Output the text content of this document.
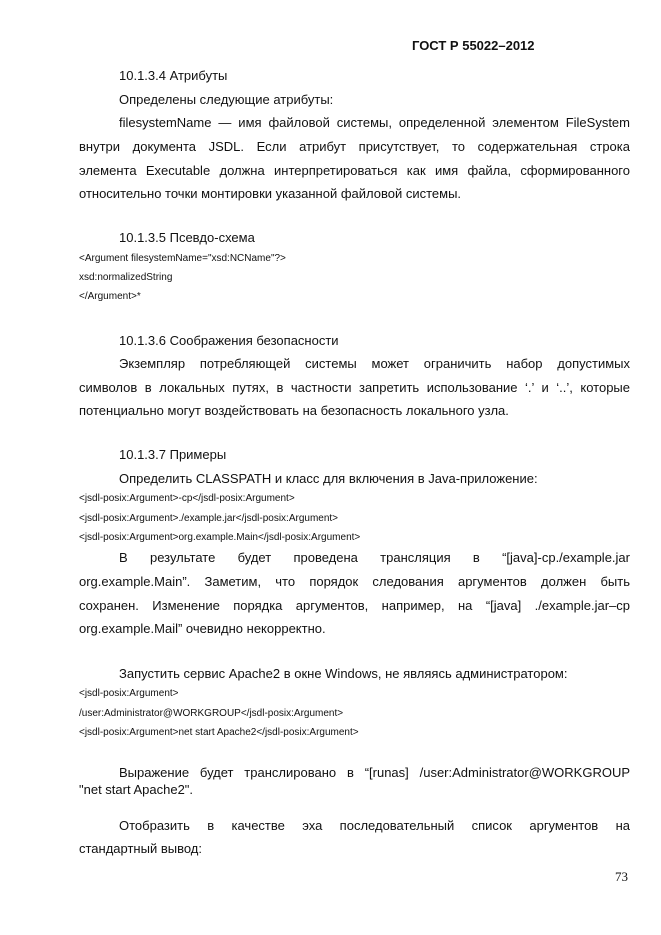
ГОСТ Р 55022–2012
10.1.3.4 Атрибуты
Определены следующие атрибуты:
filesystemName — имя файловой системы, определенной элементом FileSystem
внутри документа JSDL. Если атрибут присутствует, то содержательная строка
элемента Executable должна интерпретироваться как имя файла, сформированного
относительно точки монтировки указанной файловой системы.
10.1.3.5 Псевдо-схема
<Argument filesystemName="xsd:NCName"?>
xsd:normalizedString
</Argument>*
10.1.3.6 Соображения безопасности
Экземпляр потребляющей системы может ограничить набор допустимых
символов в локальных путях, в частности запретить использование ‘.’ и ‘..’, которые
потенциально могут воздействовать на безопасность локального узла.
10.1.3.7 Примеры
Определить CLASSPATH и класс для включения в Java-приложение:
<jsdl-posix:Argument>-cp</jsdl-posix:Argument>
<jsdl-posix:Argument>./example.jar</jsdl-posix:Argument>
<jsdl-posix:Argument>org.example.Main</jsdl-posix:Argument>
В результате будет проведена трансляция в “[java]-cp./example.jar
org.example.Main”. Заметим, что порядок следования аргументов должен быть
сохранен. Изменение порядка аргументов, например, на “[java] ./example.jar–cp
org.example.Mail” очевидно некорректно.
Запустить сервис Apache2 в окне Windows, не являясь администратором:
<jsdl-posix:Argument>
/user:Administrator@WORKGROUP</jsdl-posix:Argument>
<jsdl-posix:Argument>net start Apache2</jsdl-posix:Argument>
Выражение будет транслировано в “[runas] /user:Administrator@WORKGROUP
"net start Apache2".
Отобразить в качестве эха последовательный список аргументов на
стандартный вывод:
73
